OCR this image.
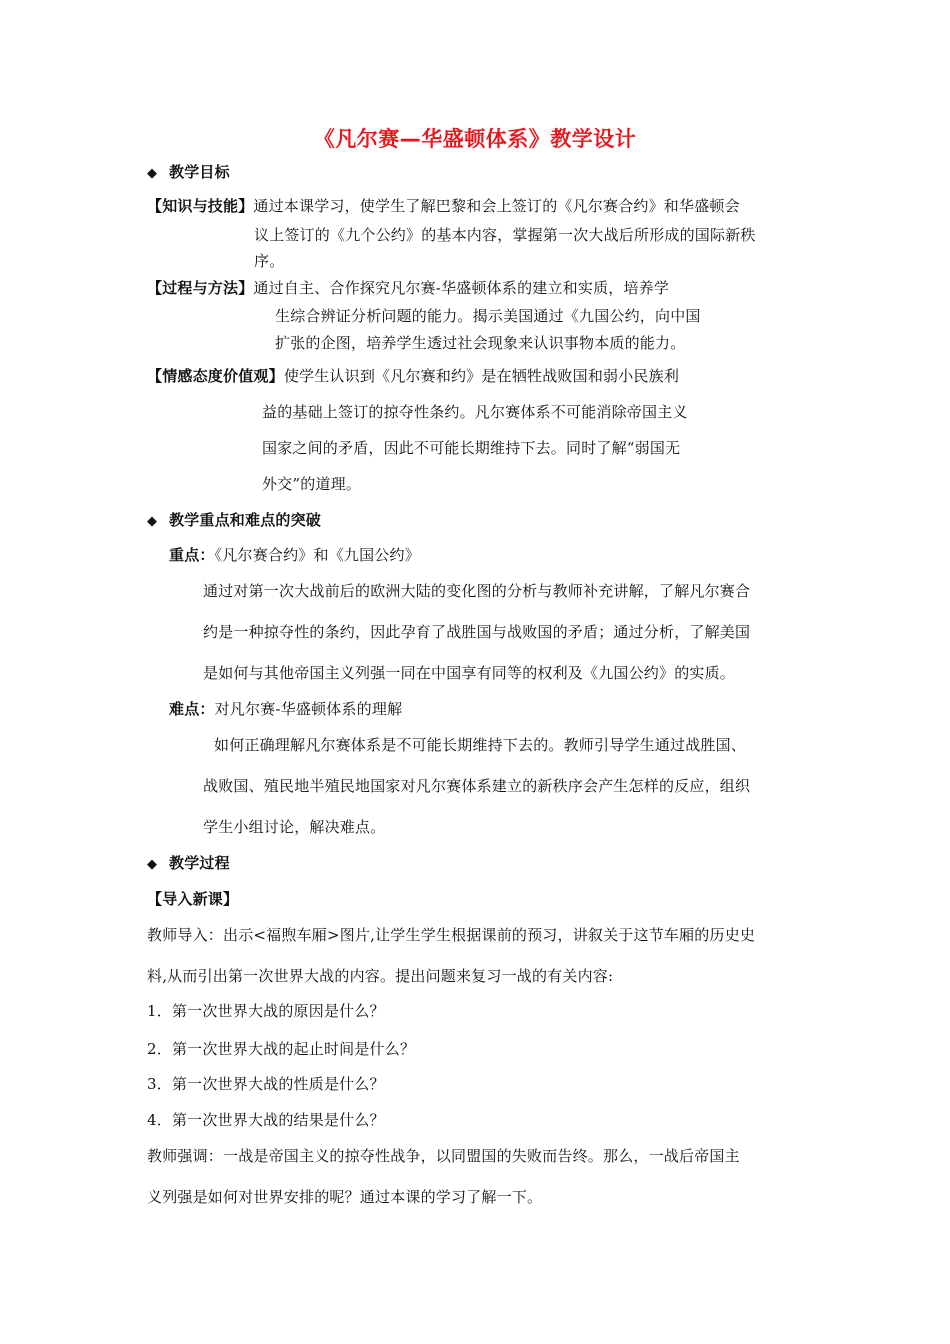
《凡尔赛—华盛顿体系》教学设计
◆ 教学目标
【知识与技能】通过本课学习，使学生了解巴黎和会上签订的《凡尔赛合约》和华盛顿会
议上签订的《九个公约》的基本内容，掌握第一次大战后所形成的国际新秩
序。
【过程与方法】通过自主、合作探究凡尔赛-华盛顿体系的建立和实质，培养学
生综合辨证分析问题的能力。揭示美国通过《九国公约，向中国
扩张的企图，培养学生透过社会现象来认识事物本质的能力。
【情感态度价值观】使学生认识到《凡尔赛和约》是在牺牲战败国和弱小民族利
益的基础上签订的掠夺性条约。凡尔赛体系不可能消除帝国主义
国家之间的矛盾，因此不可能长期维持下去。同时了解“弱国无
外交”的道理。
◆ 教学重点和难点的突破
重点：《凡尔赛合约》和《九国公约》
通过对第一次大战前后的欧洲大陆的变化图的分析与教师补充讲解，了解凡尔赛合
约是一种掠夺性的条约，因此孕育了战胜国与战败国的矛盾；通过分析，了解美国
是如何与其他帝国主义列强一同在中国享有同等的权利及《九国公约》的实质。
难点：对凡尔赛-华盛顿体系的理解
如何正确理解凡尔赛体系是不可能长期维持下去的。教师引导学生通过战胜国、
战败国、殖民地半殖民地国家对凡尔赛体系建立的新秩序会产生怎样的反应，组织
学生小组讨论，解决难点。
◆ 教学过程
【导入新课】
教师导入：出示<福煦车厢>图片,让学生学生根据课前的预习，讲叙关于这节车厢的历史史
料,从而引出第一次世界大战的内容。提出问题来复习一战的有关内容:
1．第一次世界大战的原因是什么？
2．第一次世界大战的起止时间是什么？
3．第一次世界大战的性质是什么？
4．第一次世界大战的结果是什么？
教师强调：一战是帝国主义的掠夺性战争，以同盟国的失败而告终。那么，一战后帝国主
义列强是如何对世界安排的呢？通过本课的学习了解一下。
